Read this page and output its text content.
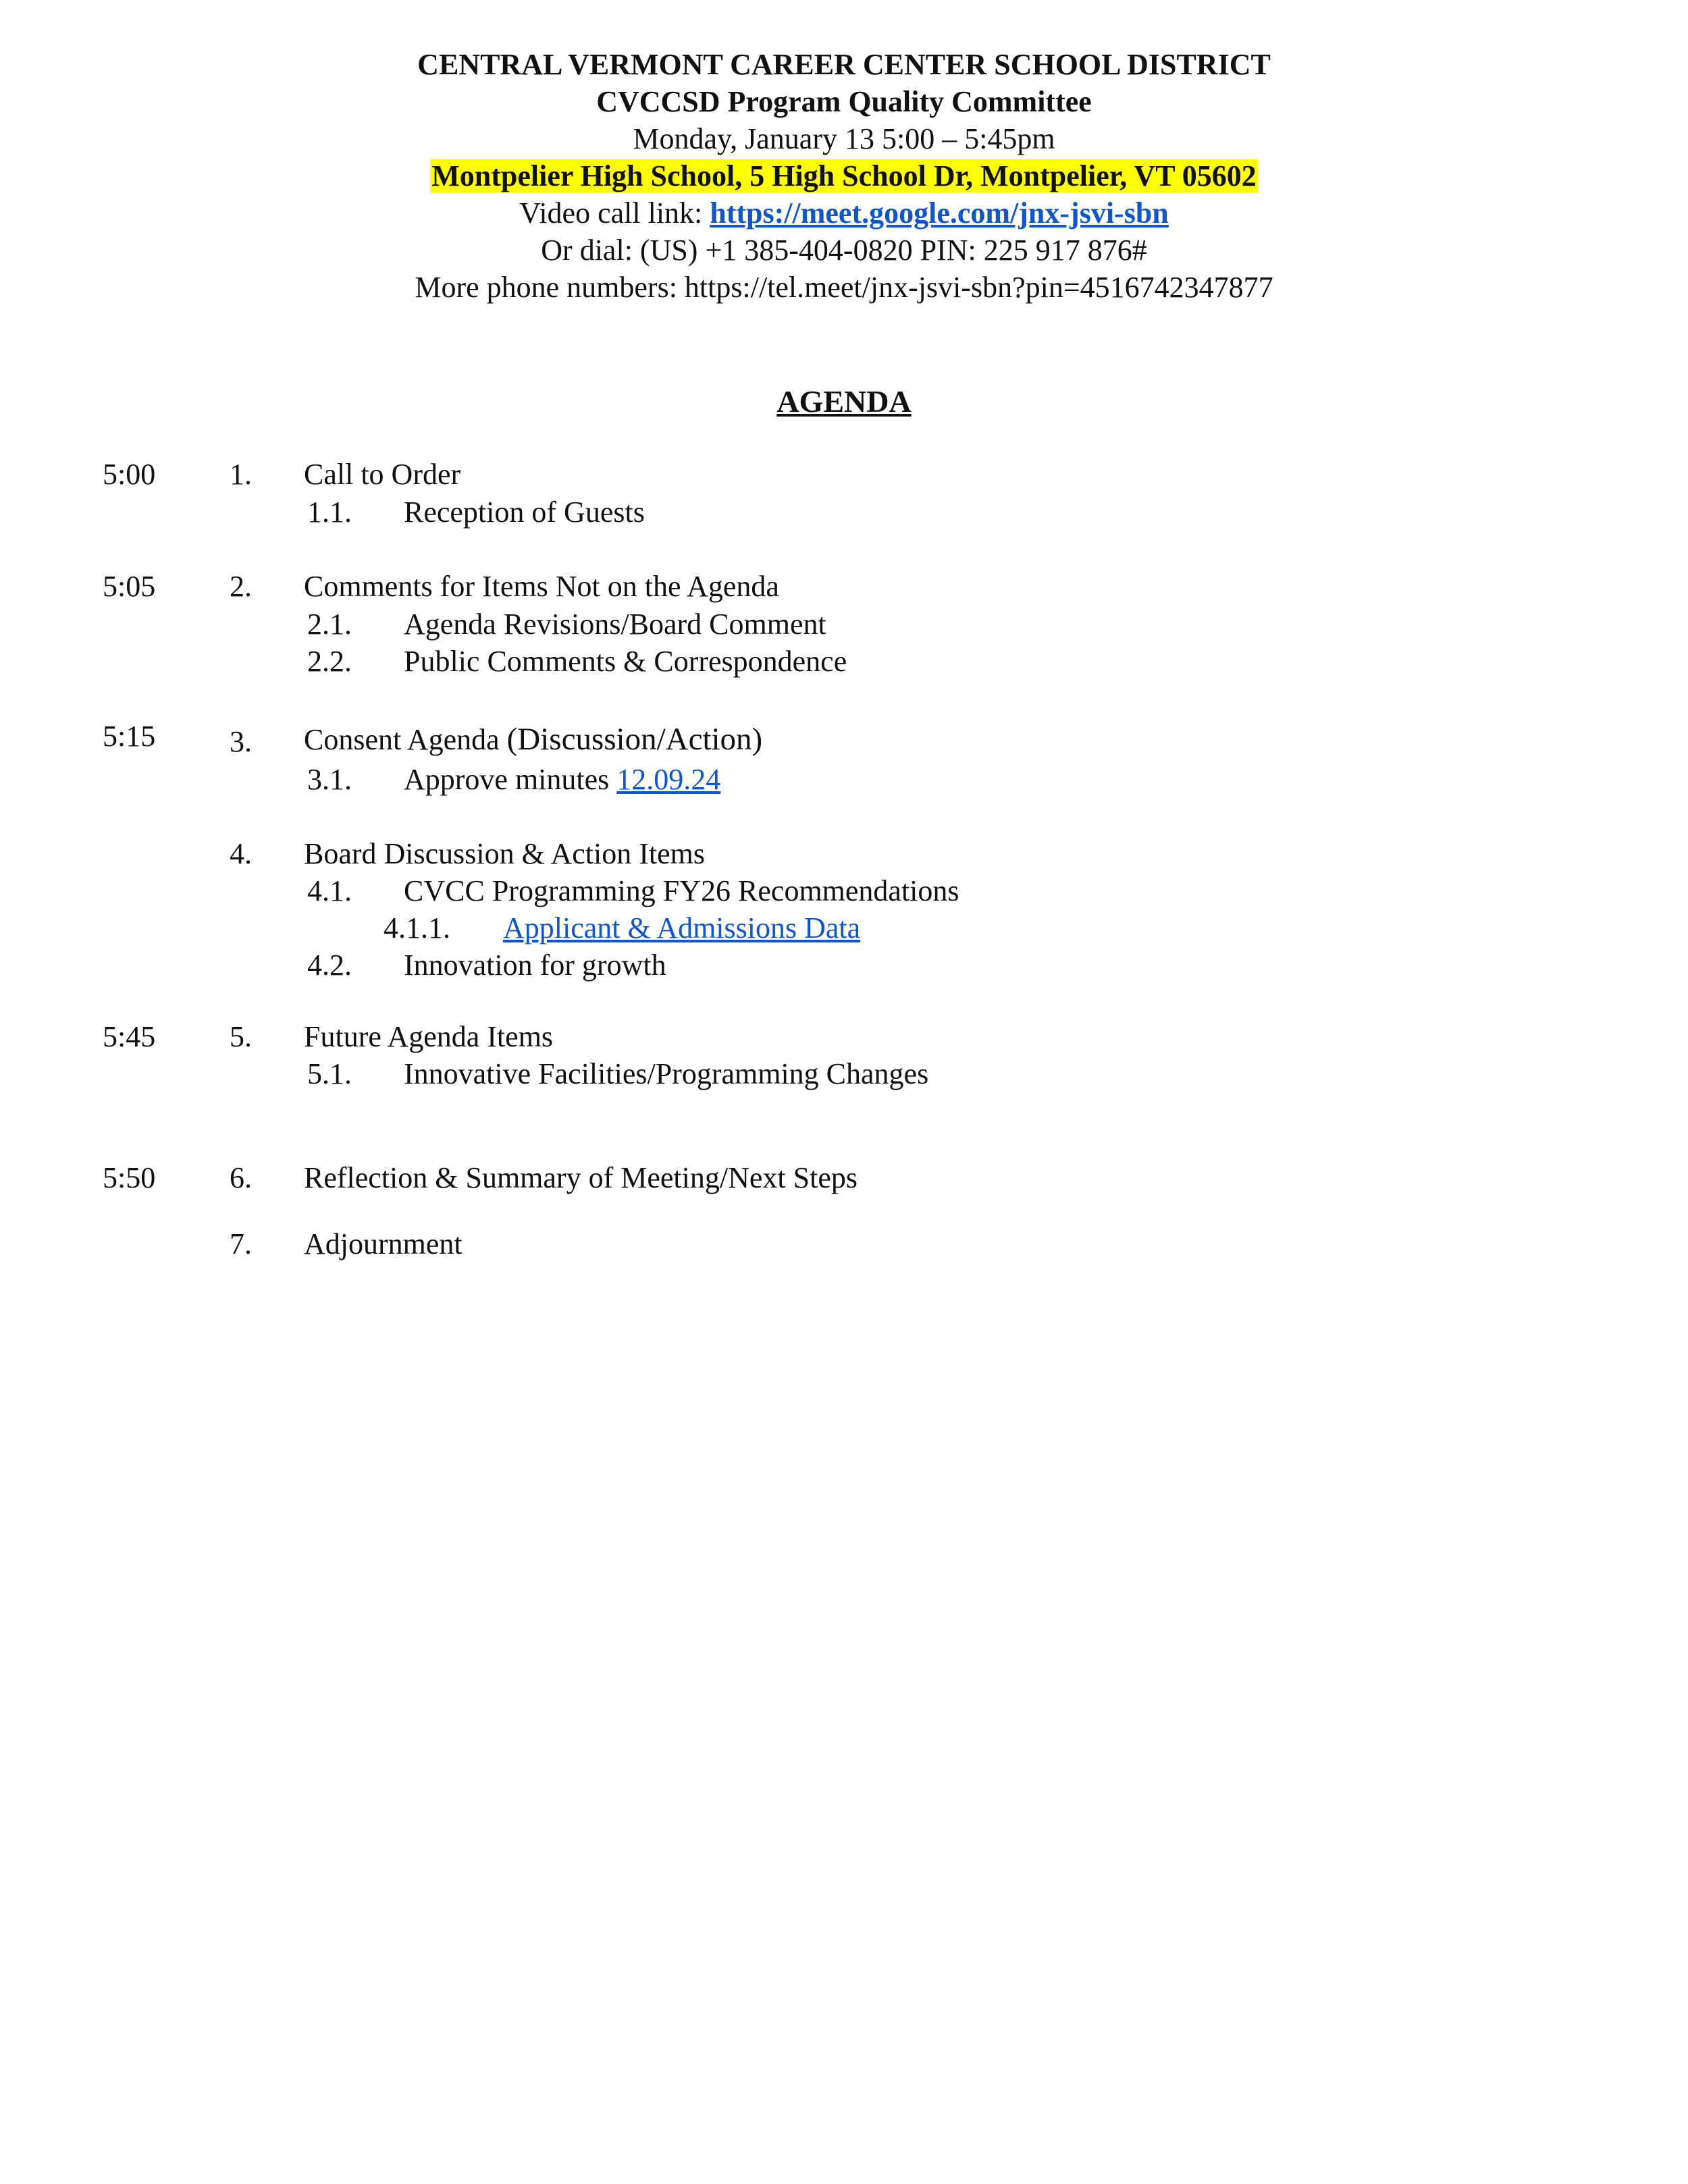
CENTRAL VERMONT CAREER CENTER SCHOOL DISTRICT
CVCCSD Program Quality Committee
Monday, January 13 5:00 – 5:45pm
Montpelier High School, 5 High School Dr, Montpelier, VT 05602
Video call link: https://meet.google.com/jnx-jsvi-sbn
Or dial: (US) +1 385-404-0820 PIN: 225 917 876#
More phone numbers: https://tel.meet/jnx-jsvi-sbn?pin=4516742347877
AGENDA
5:00 1. Call to Order
1.1. Reception of Guests
5:05 2. Comments for Items Not on the Agenda
2.1. Agenda Revisions/Board Comment
2.2. Public Comments & Correspondence
5:15 3. Consent Agenda (Discussion/Action)
3.1. Approve minutes 12.09.24
4. Board Discussion & Action Items
4.1. CVCC Programming FY26 Recommendations
4.1.1. Applicant & Admissions Data
4.2. Innovation for growth
5:45 5. Future Agenda Items
5.1. Innovative Facilities/Programming Changes
5:50 6. Reflection & Summary of Meeting/Next Steps
7. Adjournment
